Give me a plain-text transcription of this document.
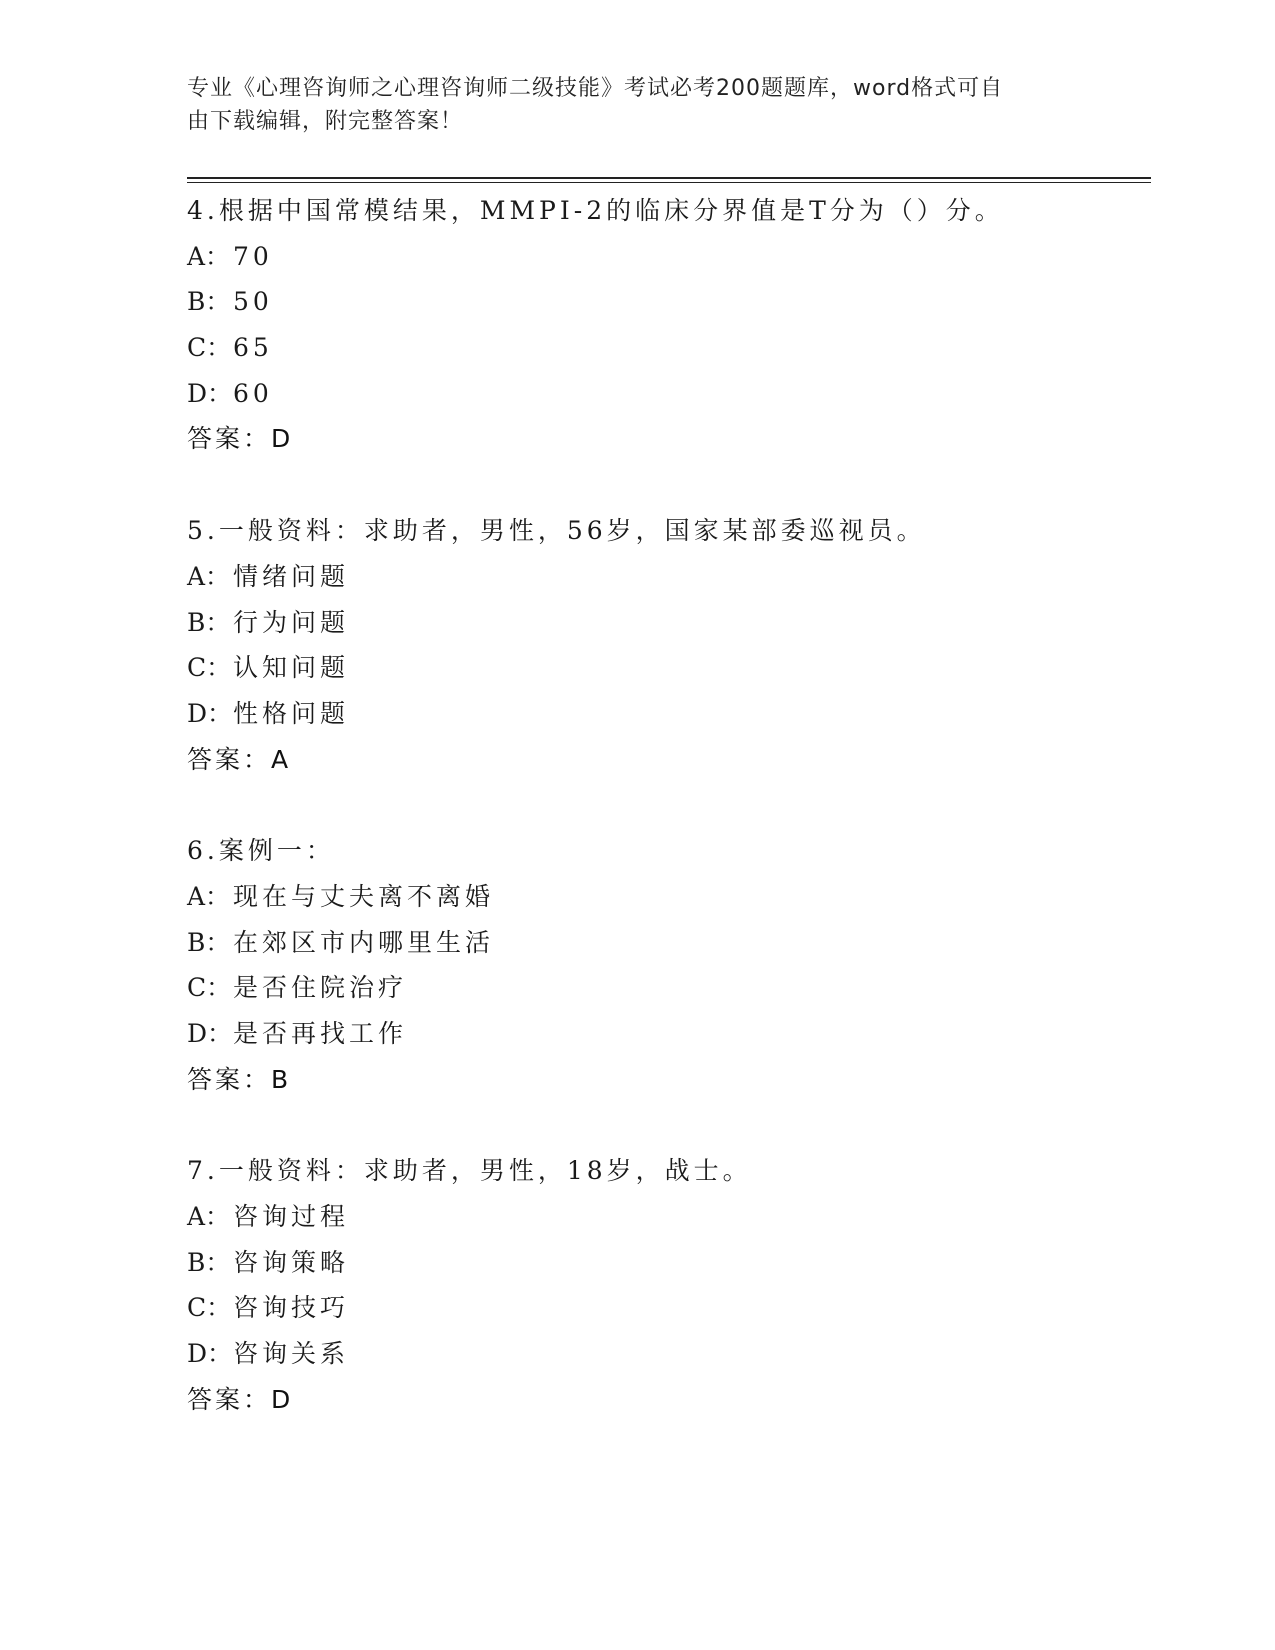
专业《心理咨询师之心理咨询师二级技能》考试必考200题题库，word格式可自
由下载编辑，附完整答案！
4.根据中国常模结果，MMPI-2的临床分界值是T分为（）分。
A： 70
B： 50
C：65
D：60
答案：D
5.一般资料：求助者，男性，56岁，国家某部委巡视员。
A： 情绪问题
B： 行为问题
C：认知问题
D：性格问题
答案：A
6.案例一：
A： 现在与丈夫离不离婚
B： 在郊区市内哪里生活
C：是否住院治疗
D：是否再找工作
答案：B
7.一般资料：求助者，男性，18岁，战士。
A： 咨询过程
B： 咨询策略
C：咨询技巧
D：咨询关系
答案：D
